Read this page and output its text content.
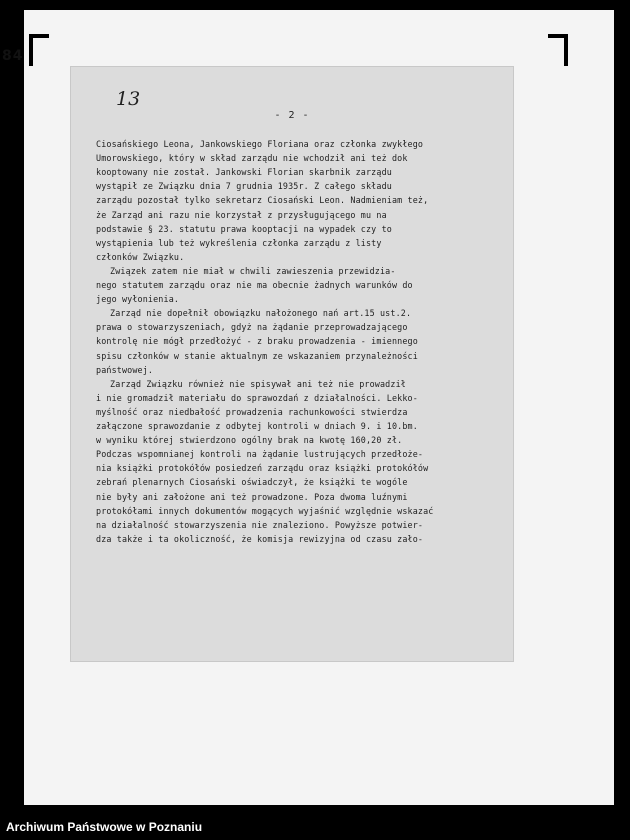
84
13
- 2 -
Ciosańskiego Leona, Jankowskiego Floriana oraz członka zwykłego
Umorowskiego, który w skład zarządu nie wchodził ani też dok
kooptowany nie został. Jankowski Florian skarbnik zarządu
wystąpił ze Związku dnia 7 grudnia 1935r. Z całego składu
zarządu pozostał tylko sekretarz Ciosański Leon. Nadmieniam też,
że Zarząd ani razu nie korzystał z przysługującego mu na
podstawie § 23. statutu prawa kooptacji na wypadek czy to
wystąpienia lub też wykreślenia członka zarządu z listy
członków Związku.
Związek zatem nie miał w chwili zawieszenia przewidzia-
nego statutem zarządu oraz nie ma obecnie żadnych warunków do
jego wyłonienia.
Zarząd nie dopełnił obowiązku nałożonego nań art.15 ust.2.
prawa o stowarzyszeniach, gdyż na żądanie przeprowadzającego
kontrolę nie mógł przedłożyć - z braku prowadzenia - imiennego
spisu członków w stanie aktualnym ze wskazaniem przynależności
państwowej.
Zarząd Związku również nie spisywał ani też nie prowadził
i nie gromadził materiału do sprawozdań z działalności. Lekko-
myślność oraz niedbałość prowadzenia rachunkowości stwierdza
załączone sprawozdanie z odbytej kontroli w dniach 9. i 10.bm.
w wyniku której stwierdzono ogólny brak na kwotę 160,20 zł.
Podczas wspomnianej kontroli na żądanie lustrujących przedłoże-
nia książki protokółów posiedzeń zarządu oraz książki protokółów
zebrań plenarnych Ciosański oświadczył, że książki te wogóle
nie były ani założone ani też prowadzone. Poza dwoma luźnymi
protokółami innych dokumentów mogących wyjaśnić względnie wskazać
na działalność stowarzyszenia nie znaleziono. Powyższe potwier-
dza także i ta okoliczność, że komisja rewizyjna od czasu zało-
Archiwum Państwowe w Poznaniu
